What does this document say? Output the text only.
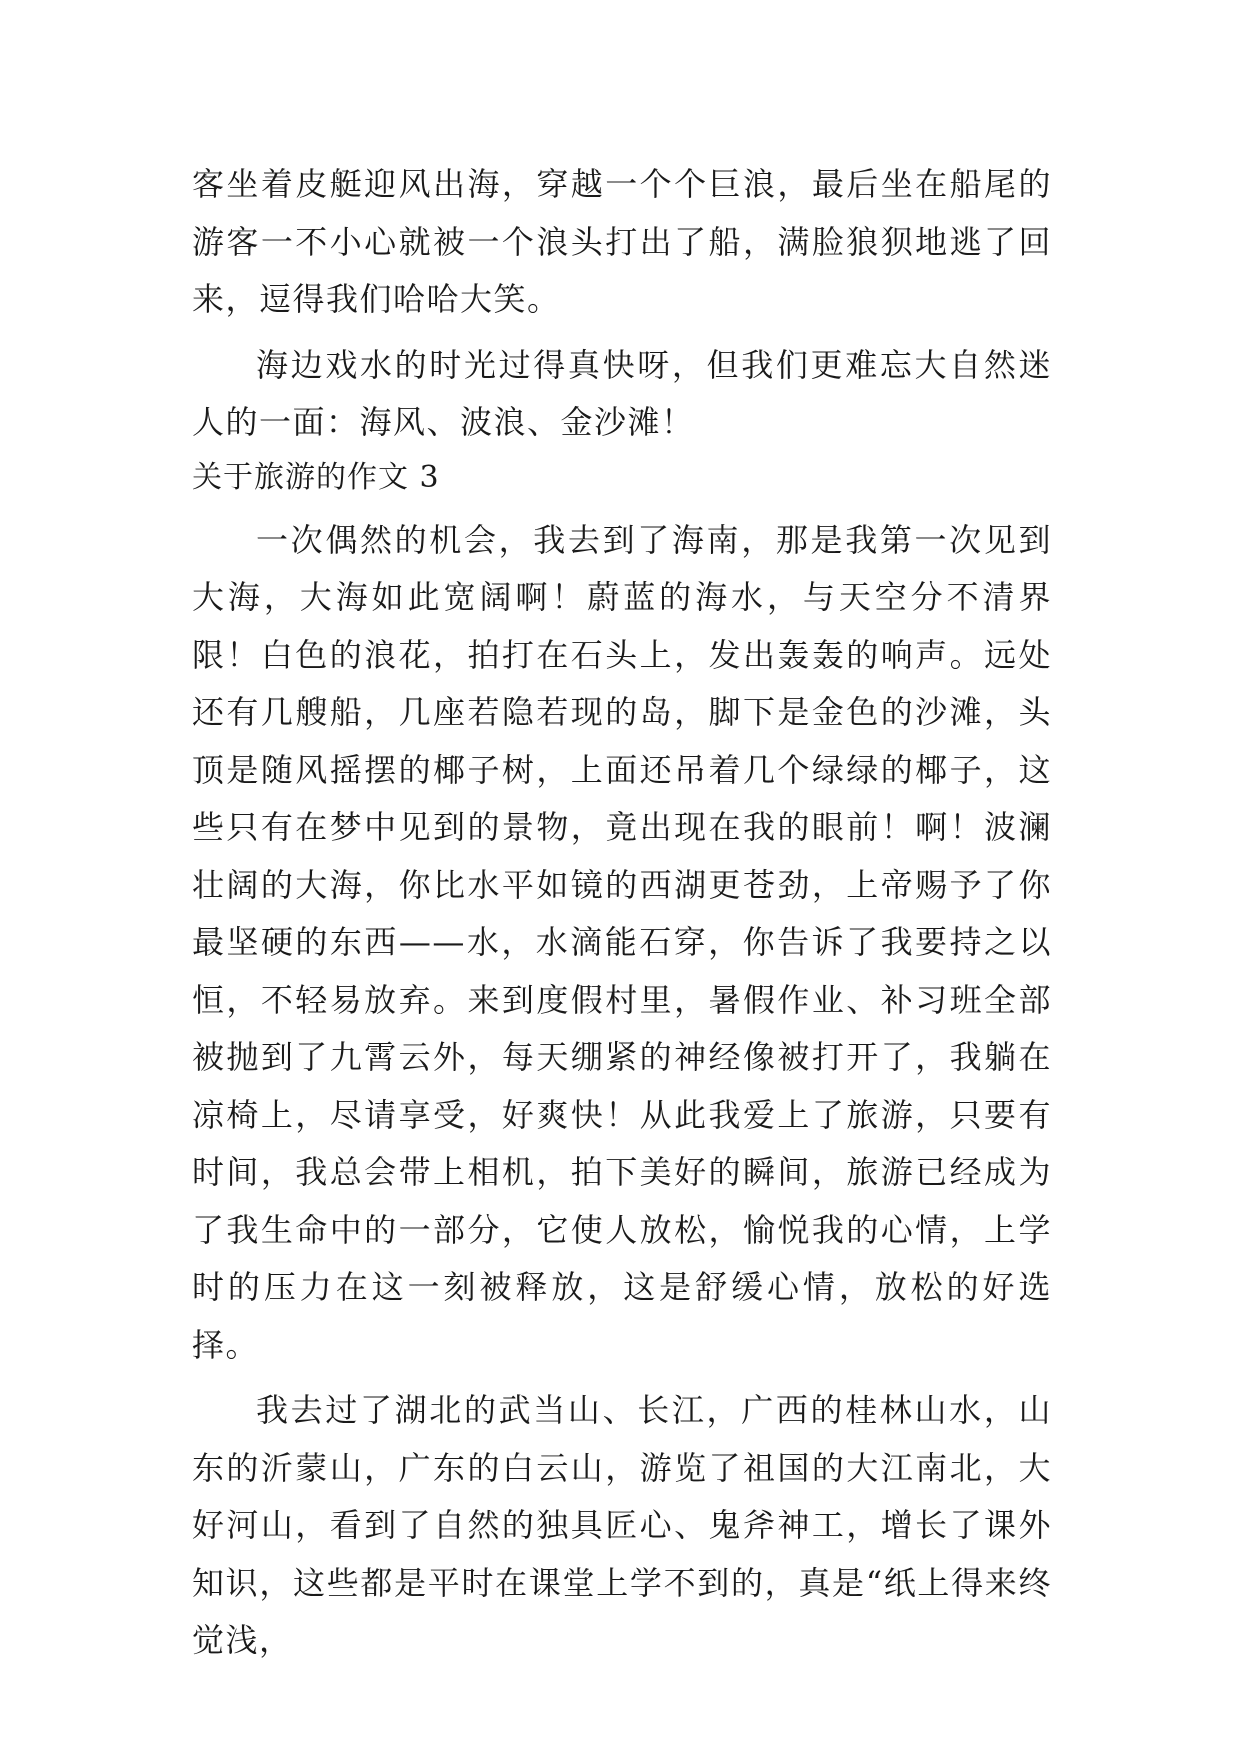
客坐着皮艇迎风出海，穿越一个个巨浪，最后坐在船尾的游客一不小心就被一个浪头打出了船，满脸狼狈地逃了回来，逗得我们哈哈大笑。

海边戏水的时光过得真快呀，但我们更难忘大自然迷人的一面：海风、波浪、金沙滩！

关于旅游的作文 3

一次偶然的机会，我去到了海南，那是我第一次见到大海，大海如此宽阔啊！蔚蓝的海水，与天空分不清界限！白色的浪花，拍打在石头上，发出轰轰的响声。远处还有几艘船，几座若隐若现的岛，脚下是金色的沙滩，头顶是随风摇摆的椰子树，上面还吊着几个绿绿的椰子，这些只有在梦中见到的景物，竟出现在我的眼前！啊！波澜壮阔的大海，你比水平如镜的西湖更苍劲，上帝赐予了你最坚硬的东西——水，水滴能石穿，你告诉了我要持之以恒，不轻易放弃。来到度假村里，暑假作业、补习班全部被抛到了九霄云外，每天绷紧的神经像被打开了，我躺在凉椅上，尽请享受，好爽快！从此我爱上了旅游，只要有时间，我总会带上相机，拍下美好的瞬间，旅游已经成为了我生命中的一部分，它使人放松，愉悦我的心情，上学时的压力在这一刻被释放，这是舒缓心情，放松的好选择。

我去过了湖北的武当山、长江，广西的桂林山水，山东的沂蒙山，广东的白云山，游览了祖国的大江南北，大好河山，看到了自然的独具匠心、鬼斧神工，增长了课外知识，这些都是平时在课堂上学不到的，真是“纸上得来终觉浅，
